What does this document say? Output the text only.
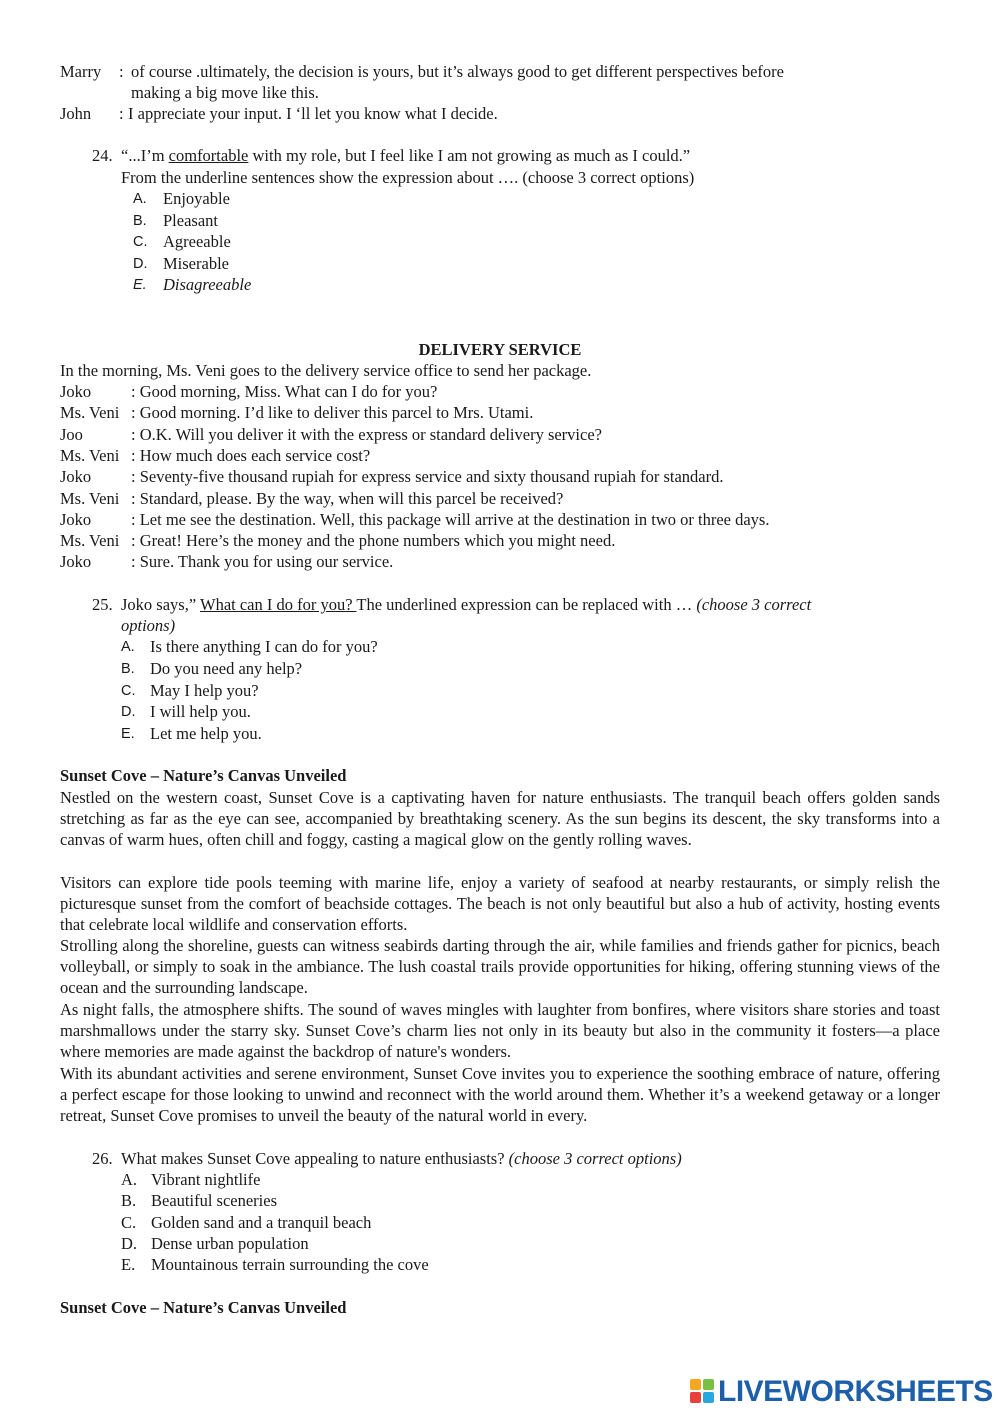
Marry : of course .ultimately, the decision is yours, but it’s always good to get different perspectives before
making a big move like this.
John : I appreciate your input. I ‘ll let you know what I decide.
24. “...I’m comfortable with my role, but I feel like I am not growing as much as I could.”
From the underline sentences show the expression about …. (choose 3 correct options)
A. Enjoyable
B. Pleasant
C. Agreeable
D. Miserable
E. Disagreeable
DELIVERY SERVICE
In the morning, Ms. Veni goes to the delivery service office to send her package.
Joko : Good morning, Miss. What can I do for you?
Ms. Veni : Good morning. I’d like to deliver this parcel to Mrs. Utami.
Joo	: O.K. Will you deliver it with the express or standard delivery service?
Ms. Veni : How much does each service cost?
Joko : Seventy-five thousand rupiah for express service and sixty thousand rupiah for standard.
Ms. Veni : Standard, please. By the way, when will this parcel be received?
Joko : Let me see the destination. Well, this package will arrive at the destination in two or three days.
Ms. Veni : Great! Here’s the money and the phone numbers which you might need.
Joko : Sure. Thank you for using our service.
25. Joko says,” What can I do for you? The underlined expression can be replaced with … (choose 3 correct
options)
A. Is there anything I can do for you?
B. Do you need any help?
C. May I help you?
D. I will help you.
E. Let me help you.
Sunset Cove – Nature’s Canvas Unveiled
Nestled on the western coast, Sunset Cove is a captivating haven for nature enthusiasts. The tranquil beach offers golden sands stretching as far as the eye can see, accompanied by breathtaking scenery. As the sun begins its descent, the sky transforms into a canvas of warm hues, often chill and foggy, casting a magical glow on the gently rolling waves.
Visitors can explore tide pools teeming with marine life, enjoy a variety of seafood at nearby restaurants, or simply relish the picturesque sunset from the comfort of beachside cottages. The beach is not only beautiful but also a hub of activity, hosting events that celebrate local wildlife and conservation efforts.
Strolling along the shoreline, guests can witness seabirds darting through the air, while families and friends gather for picnics, beach volleyball, or simply to soak in the ambiance. The lush coastal trails provide opportunities for hiking, offering stunning views of the ocean and the surrounding landscape.
As night falls, the atmosphere shifts. The sound of waves mingles with laughter from bonfires, where visitors share stories and toast marshmallows under the starry sky. Sunset Cove’s charm lies not only in its beauty but also in the community it fosters—a place where memories are made against the backdrop of nature's wonders.
With its abundant activities and serene environment, Sunset Cove invites you to experience the soothing embrace of nature, offering a perfect escape for those looking to unwind and reconnect with the world around them. Whether it’s a weekend getaway or a longer retreat, Sunset Cove promises to unveil the beauty of the natural world in every.
26. What makes Sunset Cove appealing to nature enthusiasts? (choose 3 correct options)
A. Vibrant nightlife
B. Beautiful sceneries
C. Golden sand and a tranquil beach
D. Dense urban population
E. Mountainous terrain surrounding the cove
Sunset Cove – Nature’s Canvas Unveiled
LIVEWORKSHEETS
